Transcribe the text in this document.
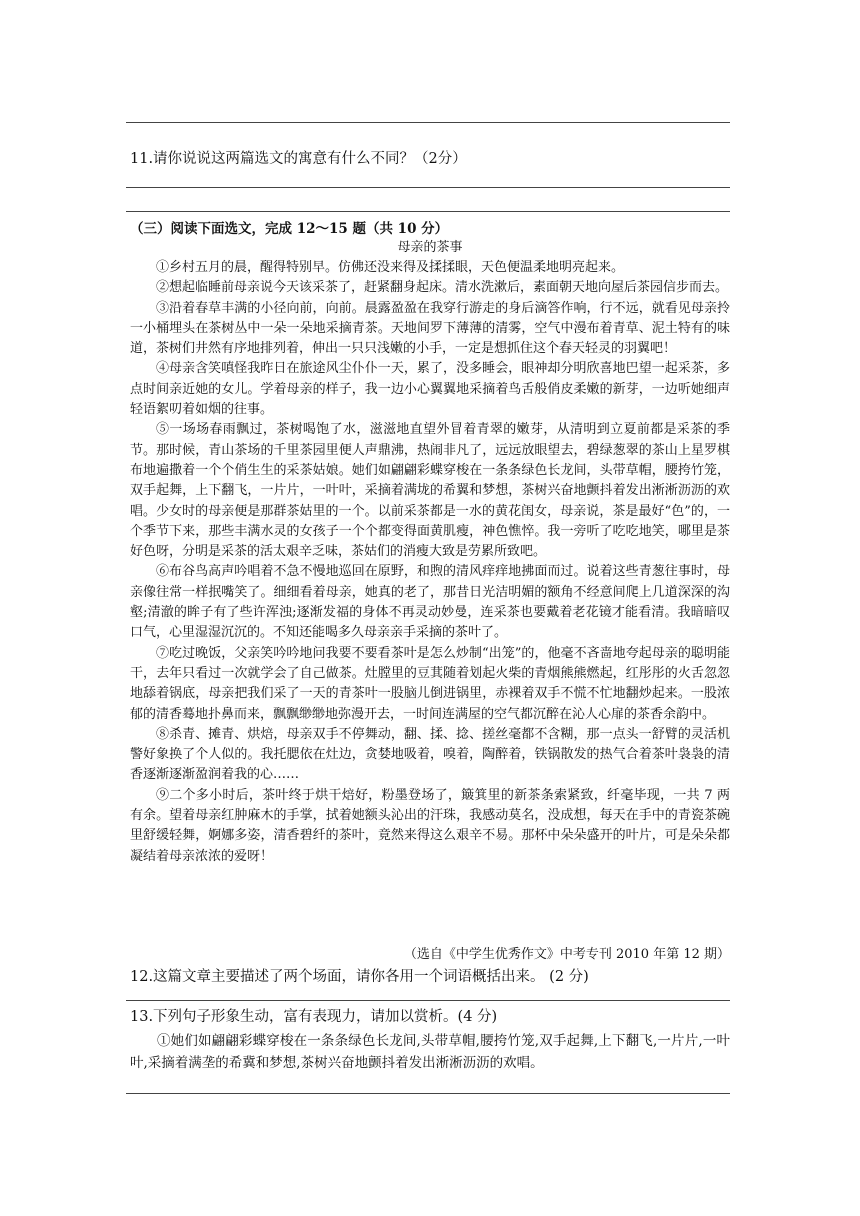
11.请你说说这两篇选文的寓意有什么不同？（2分）
（三）阅读下面选文，完成 12～15 题（共 10 分）
母亲的茶事

①乡村五月的晨，醒得特别早。仿佛还没来得及揉揉眼，天色便温柔地明亮起来。

②想起临睡前母亲说今天该采茶了，赶紧翻身起床。清水洗漱后，素面朝天地向屋后茶园信步而去。

③沿着春草丰满的小径向前，向前。晨露盈盈在我穿行游走的身后滴答作响，行不远，就看见母亲拎一小桶埋头在茶树丛中一朵一朵地采摘青茶。天地间罗下薄薄的清雾，空气中漫布着青草、泥土特有的味道，茶树们井然有序地排列着，伸出一只只浅嫩的小手，一定是想抓住这个春天轻灵的羽翼吧！

④母亲含笑嗔怪我昨日在旅途风尘仆仆一天，累了，没多睡会，眼神却分明欣喜地巴望一起采茶，多点时间亲近她的女儿。学着母亲的样子，我一边小心翼翼地采摘着鸟舌般俏皮柔嫩的新芽，一边听她细声轻语絮叨着如烟的往事。

⑤一场场春雨飘过，茶树喝饱了水，滋滋地直望外冒着青翠的嫩芽，从清明到立夏前都是采茶的季节。那时候，青山茶场的千里茶园里便人声鼎沸，热闹非凡了，远远放眼望去，碧绿葱翠的茶山上星罗棋布地遍撒着一个个俏生生的采茶姑娘。她们如翩翩彩蝶穿梭在一条条绿色长龙间，头带草帽，腰挎竹笼，双手起舞，上下翻飞，一片片，一叶叶，采摘着满垅的希翼和梦想，茶树兴奋地颤抖着发出淅淅沥沥的欢唱。少女时的母亲便是那群茶姑里的一个。以前采茶都是一水的黄花闺女，母亲说，茶是最好“色”的，一个季节下来，那些丰满水灵的女孩子一个个都变得面黄肌瘦，神色憔悴。我一旁听了吃吃地笑，哪里是茶好色呀，分明是采茶的活太艰辛乏味，茶姑们的消瘦大致是劳累所致吧。

⑥布谷鸟高声吟唱着不急不慢地巡回在原野，和煦的清风痒痒地拂面而过。说着这些青葱往事时，母亲像往常一样抿嘴笑了。细细看着母亲，她真的老了，那昔日光洁明媚的额角不经意间爬上几道深深的沟壑;清澈的眸子有了些许浑浊;逐渐发福的身体不再灵动妙曼，连采茶也要戴着老花镜才能看清。我暗暗叹口气，心里湿湿沉沉的。不知还能喝多久母亲亲手采摘的茶叶了。

⑦吃过晚饭，父亲笑吟吟地问我要不要看茶叶是怎么炒制“出笼”的，他毫不吝啬地夸起母亲的聪明能干，去年只看过一次就学会了自己做茶。灶膛里的豆萁随着划起火柴的青烟熊熊燃起，红彤彤的火舌忽忽地舔着锅底，母亲把我们采了一天的青茶叶一股脑儿倒进锅里，赤裸着双手不慌不忙地翻炒起来。一股浓郁的清香蓦地扑鼻而来，飘飘缈缈地弥漫开去，一时间连满屋的空气都沉醉在沁人心扉的茶香余韵中。

⑧杀青、摊青、烘焙，母亲双手不停舞动，翻、揉、捻、搓丝毫都不含糊，那一点头一舒臂的灵活机警好象换了个人似的。我托腮依在灶边，贪婪地吸着，嗅着，陶醉着，铁锅散发的热气合着茶叶袅袅的清香逐渐逐渐盈润着我的心……

⑨二个多小时后，茶叶终于烘干焙好，粉墨登场了，簸箕里的新茶条索紧致，纤毫毕现，一共 7 两有余。望着母亲红肿麻木的手掌，拭着她额头沁出的汗珠，我感动莫名，没成想，每天在手中的青瓷茶碗里舒缓轻舞，婀娜多姿，清香碧纤的茶叶，竟然来得这么艰辛不易。那杯中朵朵盛开的叶片，可是朵朵都凝结着母亲浓浓的爱呀！

（选自《中学生优秀作文》中考专刊 2010 年第 12 期）
12.这篇文章主要描述了两个场面，请你各用一个词语概括出来。 (2 分)
13.下列句子形象生动，富有表现力，请加以赏析。(4 分)
①她们如翩翩彩蝶穿梭在一条条绿色长龙间,头带草帽,腰挎竹笼,双手起舞,上下翻飞,一片片,一叶叶,采摘着满垄的希冀和梦想,茶树兴奋地颤抖着发出淅淅沥沥的欢唱。
